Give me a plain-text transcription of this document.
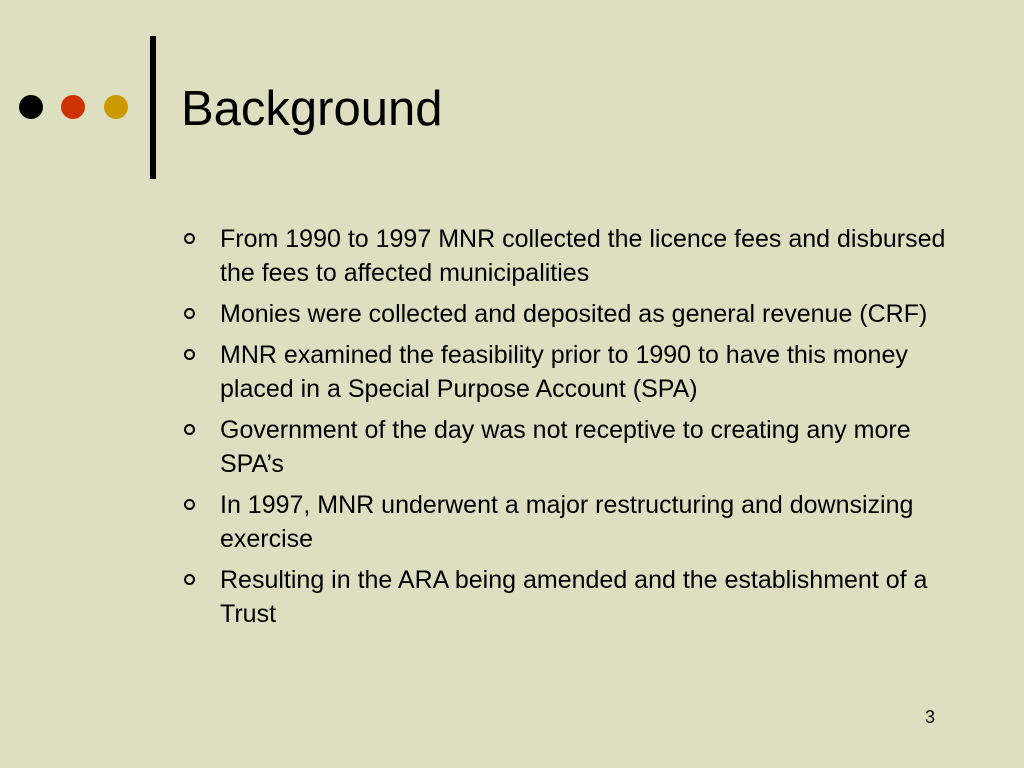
Background
From 1990 to 1997 MNR collected the licence fees and disbursed the fees to affected municipalities
Monies were collected and deposited as general revenue (CRF)
MNR examined the feasibility prior to 1990 to have this money placed in a Special Purpose Account (SPA)
Government of the day was not receptive to creating any more SPA’s
In 1997, MNR underwent a major restructuring and downsizing exercise
Resulting in the ARA being amended and the establishment of a Trust
3
